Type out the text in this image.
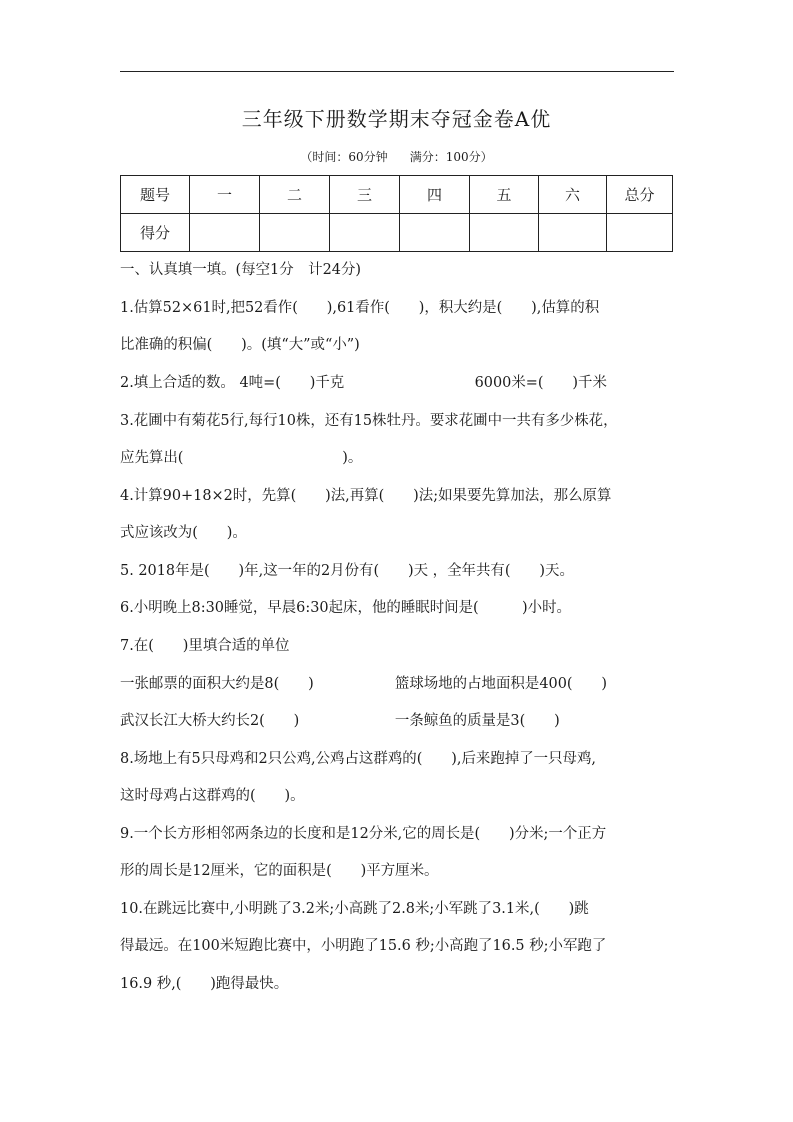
三年级下册数学期末夺冠金卷A优
（时间：60分钟 满分：100分）
题号	一	二	三	四	五	六	总分
得分							
一、认真填一填。(每空1分　计24分)
1.估算52×61时,把52看作(　　),61看作(　　)，积大约是(　　),估算的积
比准确的积偏(　　)。(填“大”或“小”)
2.填上合适的数。 4吨=(　　)千克	6000米=(　　)千米
3.花圃中有菊花5行,每行10株，还有15株牡丹。要求花圃中一共有多少株花，
应先算出(　　　　　　　　　　　)。
4.计算90+18×2时，先算(　　)法,再算(　　)法;如果要先算加法，那么原算
式应该改为(　　)。
5. 2018年是(　　)年,这一年的2月份有(　　)天 ，全年共有(　　)天。
6.小明晚上8:30睡觉，早晨6:30起床，他的睡眠时间是(　　　)小时。
7.在(　　)里填合适的单位
一张邮票的面积大约是8(　　)	篮球场地的占地面积是400(　　)
武汉长江大桥大约长2(　　)	一条鲸鱼的质量是3(　　)
8.场地上有5只母鸡和2只公鸡,公鸡占这群鸡的(　　),后来跑掉了一只母鸡,
这时母鸡占这群鸡的(　　)。
9.一个长方形相邻两条边的长度和是12分米,它的周长是(　　)分米;一个正方
形的周长是12厘米，它的面积是(　　)平方厘米。
10.在跳远比赛中,小明跳了3.2米;小高跳了2.8米;小军跳了3.1米,(　　)跳
得最远。在100米短跑比赛中，小明跑了15.6 秒;小高跑了16.5 秒;小军跑了
16.9 秒,(　　)跑得最快。
